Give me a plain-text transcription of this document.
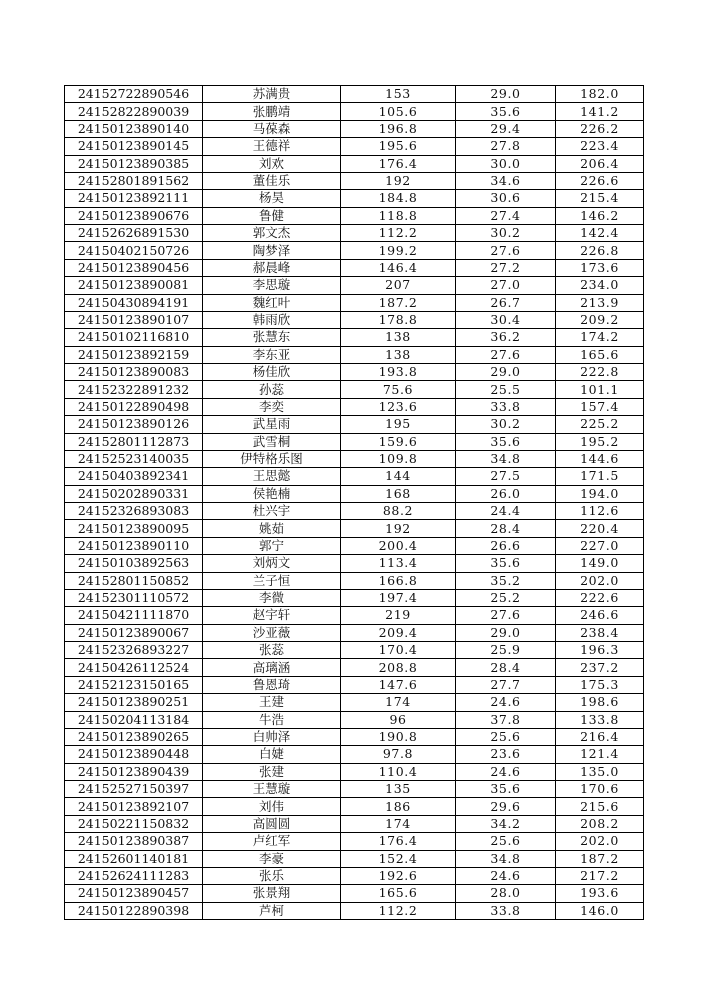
24152722890546	苏满贵	153	29.0	182.0
24152822890039	张鹏靖	105.6	35.6	141.2
24150123890140	马葆森	196.8	29.4	226.2
24150123890145	王德祥	195.6	27.8	223.4
24150123890385	刘欢	176.4	30.0	206.4
24152801891562	董佳乐	192	34.6	226.6
24150123892111	杨昊	184.8	30.6	215.4
24150123890676	鲁健	118.8	27.4	146.2
24152626891530	郭文杰	112.2	30.2	142.4
24150402150726	陶梦泽	199.2	27.6	226.8
24150123890456	郝晨峰	146.4	27.2	173.6
24150123890081	李思璇	207	27.0	234.0
24150430894191	魏红叶	187.2	26.7	213.9
24150123890107	韩雨欣	178.8	30.4	209.2
24150102116810	张慧东	138	36.2	174.2
24150123892159	李东亚	138	27.6	165.6
24150123890083	杨佳欣	193.8	29.0	222.8
24152322891232	孙蕊	75.6	25.5	101.1
24150122890498	李奕	123.6	33.8	157.4
24150123890126	武星雨	195	30.2	225.2
24152801112873	武雪桐	159.6	35.6	195.2
24152523140035	伊特格乐图	109.8	34.8	144.6
24150403892341	王思懿	144	27.5	171.5
24150202890331	侯艳楠	168	26.0	194.0
24152326893083	杜兴宇	88.2	24.4	112.6
24150123890095	姚茹	192	28.4	220.4
24150123890110	郭宁	200.4	26.6	227.0
24150103892563	刘炳文	113.4	35.6	149.0
24152801150852	兰子恒	166.8	35.2	202.0
24152301110572	李微	197.4	25.2	222.6
24150421111870	赵宇轩	219	27.6	246.6
24150123890067	沙亚薇	209.4	29.0	238.4
24152326893227	张蕊	170.4	25.9	196.3
24150426112524	高璃涵	208.8	28.4	237.2
24152123150165	鲁恩琦	147.6	27.7	175.3
24150123890251	王建	174	24.6	198.6
24150204113184	牛浩	96	37.8	133.8
24150123890265	白帅泽	190.8	25.6	216.4
24150123890448	白婕	97.8	23.6	121.4
24150123890439	张建	110.4	24.6	135.0
24152527150397	王慧璇	135	35.6	170.6
24150123892107	刘伟	186	29.6	215.6
24150221150832	高圆圆	174	34.2	208.2
24150123890387	卢红军	176.4	25.6	202.0
24152601140181	李豪	152.4	34.8	187.2
24152624111283	张乐	192.6	24.6	217.2
24150123890457	张景翔	165.6	28.0	193.6
24150122890398	芦柯	112.2	33.8	146.0
